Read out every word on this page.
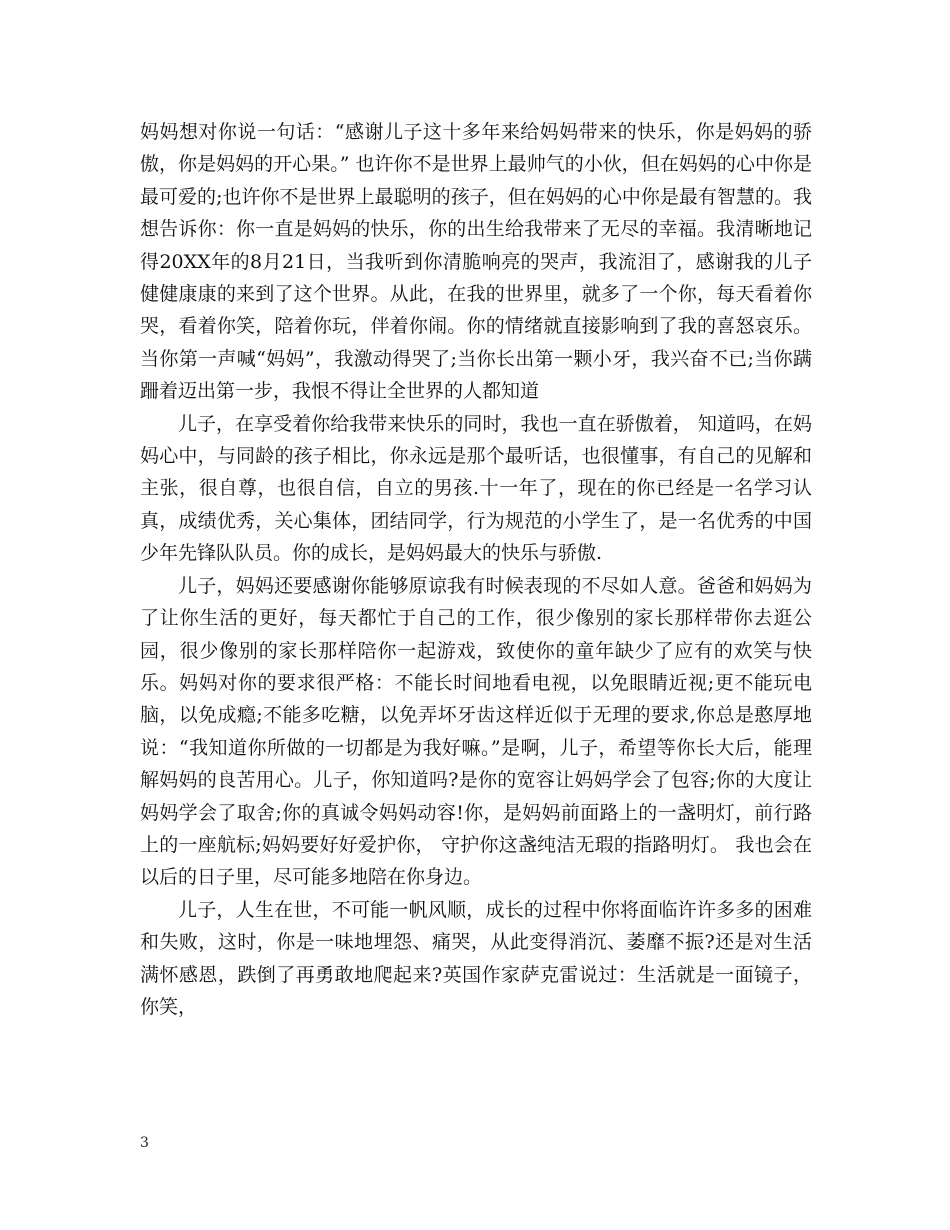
妈妈想对你说一句话：“感谢儿子这十多年来给妈妈带来的快乐，你是妈妈的骄傲，你是妈妈的开心果。” 也许你不是世界上最帅气的小伙，但在妈妈的心中你是最可爱的;也许你不是世界上最聪明的孩子，但在妈妈的心中你是最有智慧的。我想告诉你：你一直是妈妈的快乐，你的出生给我带来了无尽的幸福。我清晰地记得20XX年的8月21日，当我听到你清脆响亮的哭声，我流泪了，感谢我的儿子健健康康的来到了这个世界。从此，在我的世界里，就多了一个你，每天看着你哭，看着你笑，陪着你玩，伴着你闹。你的情绪就直接影响到了我的喜怒哀乐。当你第一声喊“妈妈”，我激动得哭了;当你长出第一颗小牙，我兴奋不已;当你蹒跚着迈出第一步，我恨不得让全世界的人都知道

儿子，在享受着你给我带来快乐的同时，我也一直在骄傲着， 知道吗，在妈妈心中，与同龄的孩子相比，你永远是那个最听话，也很懂事，有自己的见解和主张，很自尊，也很自信，自立的男孩.十一年了，现在的你已经是一名学习认真，成绩优秀，关心集体，团结同学，行为规范的小学生了，是一名优秀的中国少年先锋队队员。你的成长，是妈妈最大的快乐与骄傲.

儿子，妈妈还要感谢你能够原谅我有时候表现的不尽如人意。爸爸和妈妈为了让你生活的更好，每天都忙于自己的工作，很少像别的家长那样带你去逛公园，很少像别的家长那样陪你一起游戏，致使你的童年缺少了应有的欢笑与快乐。妈妈对你的要求很严格：不能长时间地看电视，以免眼睛近视;更不能玩电脑，以免成瘾;不能多吃糖，以免弄坏牙齿这样近似于无理的要求,你总是憨厚地说：“我知道你所做的一切都是为我好嘛。”是啊，儿子，希望等你长大后，能理解妈妈的良苦用心。儿子，你知道吗?是你的宽容让妈妈学会了包容;你的大度让妈妈学会了取舍;你的真诚令妈妈动容!你，是妈妈前面路上的一盏明灯，前行路上的一座航标;妈妈要好好爱护你， 守护你这盏纯洁无瑕的指路明灯。 我也会在以后的日子里，尽可能多地陪在你身边。

儿子，人生在世，不可能一帆风顺，成长的过程中你将面临许许多多的困难和失败，这时，你是一味地埋怨、痛哭，从此变得消沉、萎靡不振?还是对生活满怀感恩，跌倒了再勇敢地爬起来?英国作家萨克雷说过：生活就是一面镜子，你笑，

3
